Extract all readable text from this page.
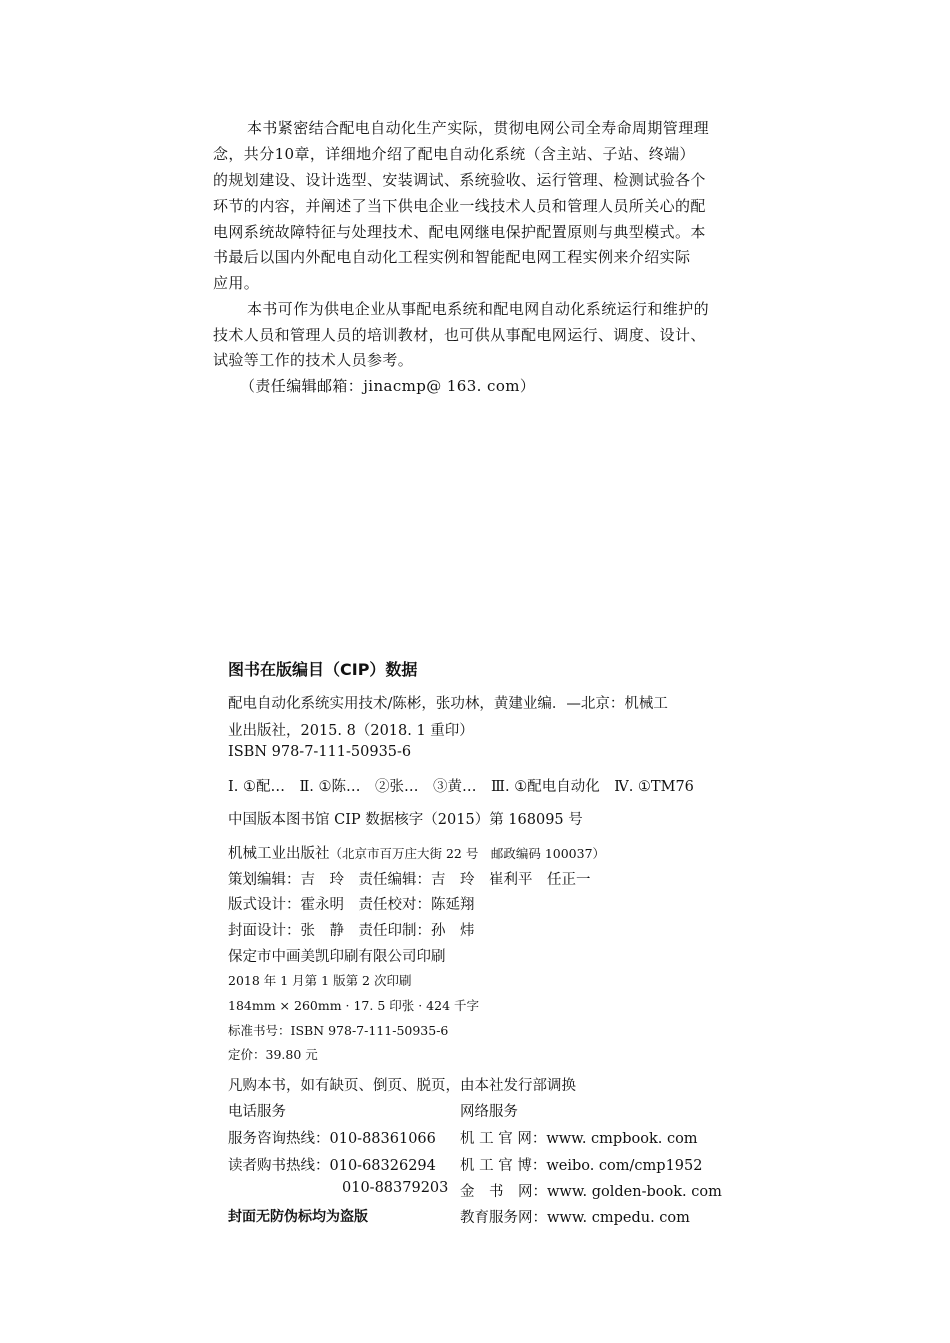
本书紧密结合配电自动化生产实际，贯彻电网公司全寿命周期管理理
念，共分10章，详细地介绍了配电自动化系统（含主站、子站、终端）
的规划建设、设计选型、安装调试、系统验收、运行管理、检测试验各个
环节的内容，并阐述了当下供电企业一线技术人员和管理人员所关心的配
电网系统故障特征与处理技术、配电网继电保护配置原则与典型模式。本
书最后以国内外配电自动化工程实例和智能配电网工程实例来介绍实际
应用。
本书可作为供电企业从事配电系统和配电网自动化系统运行和维护的
技术人员和管理人员的培训教材，也可供从事配电网运行、调度、设计、
试验等工作的技术人员参考。
（责任编辑邮箱：jinacmp@ 163. com）
图书在版编目（CIP）数据
配电自动化系统实用技术/陈彬，张功林，黄建业编．—北京：机械工
业出版社，2015. 8（2018. 1 重印）
ISBN 978-7-111-50935-6
Ⅰ. ①配…　Ⅱ. ①陈…　②张…　③黄…　Ⅲ. ①配电自动化　Ⅳ. ①TM76
中国版本图书馆 CIP 数据核字（2015）第 168095 号
机械工业出版社（北京市百万庄大街 22 号　邮政编码 100037）
策划编辑：吉　玲　责任编辑：吉　玲　崔利平　任正一
版式设计：霍永明　责任校对：陈延翔
封面设计：张　静　责任印制：孙　炜
保定市中画美凯印刷有限公司印刷
2018 年 1 月第 1 版第 2 次印刷
184mm × 260mm · 17. 5 印张 · 424 千字
标准书号：ISBN 978-7-111-50935-6
定价：39.80 元
凡购本书，如有缺页、倒页、脱页，由本社发行部调换
电话服务	网络服务
服务咨询热线：010-88361066
读者购书热线：010-68326294
010-88379203
机 工 官 网：www. cmpbook. com
机 工 官 博：weibo. com/cmp1952
金　书　网：www. golden-book. com
教育服务网：www. cmpedu. com
封面无防伪标均为盗版
